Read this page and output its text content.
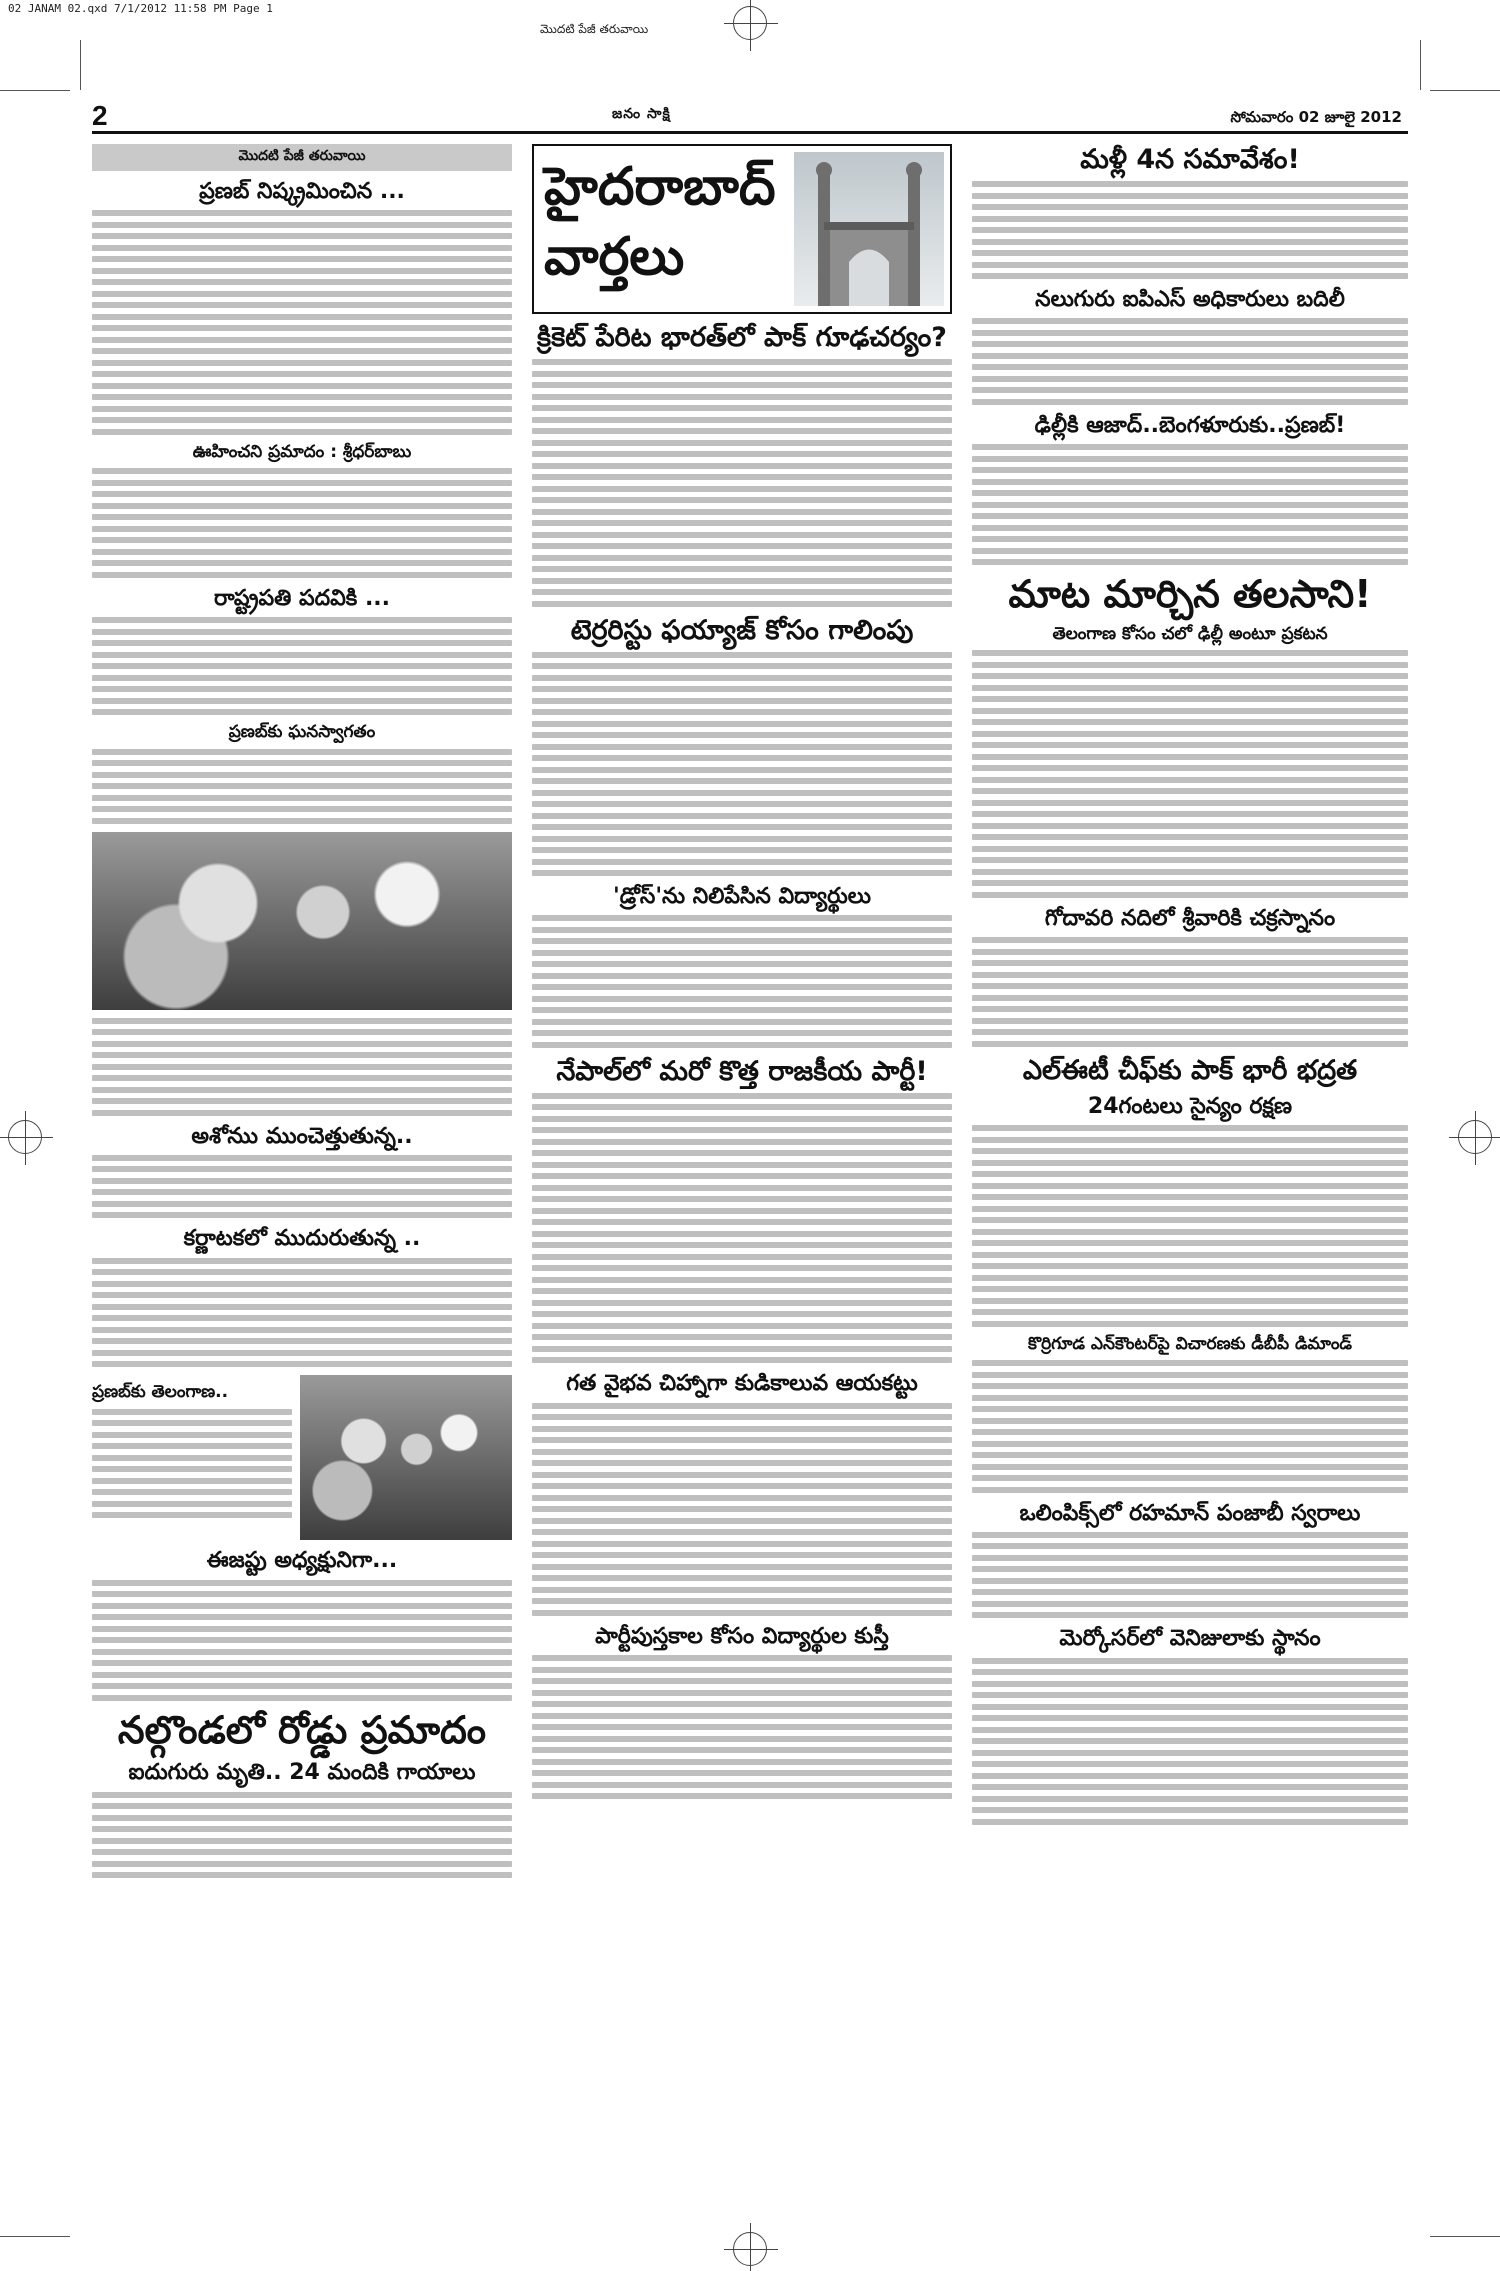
02 JANAM 02.qxd 7/1/2012 11:58 PM Page 1
మొదటి పేజీ తరువాయి
2	జనం సాక్షి	సోమవారం 02 జూలై 2012
మొదటి పేజీ తరువాయి
ప్రణబ్ నిష్క్రమించిన ...
ఊహించని ప్రమాదం : శ్రీధర్‌బాబు
రాష్ట్రపతి పదవికి ...
ప్రణబ్‌కు ఘనస్వాగతం
అశోనుు ముంచెత్తుతున్న..
కర్ణాటకలో ముదురుతున్న ..
ప్రణబ్‌కు తెలంగాణ..
ఈజప్టు అధ్యక్షునిగా...
నల్గొండలో రోడ్డు ప్రమాదం
ఐదుగురు మృతి.. 24 మందికి గాయాలు
హైదరాబాద్
వార్తలు
క్రికెట్ పేరిట భారత్‌లో పాక్ గూఢచర్యం?
టెర్రరిస్టు ఫయ్యాజ్ కోసం గాలింపు
'డ్రోస్'ను నిలిపేసిన విద్యార్థులు
నేపాల్‌లో మరో కొత్త రాజకీయ పార్టీ!
గత వైభవ చిహ్నాగా కుడికాలువ ఆయకట్టు
పార్టీపుస్తకాల కోసం విద్యార్థుల కుస్తీ
మళ్లీ 4న సమావేశం!
నలుగురు ఐపిఎస్ అధికారులు బదిలీ
ఢిల్లీకి ఆజాద్..బెంగళూరుకు..ప్రణబ్!
మాట మార్చిన తలసాని!
తెలంగాణ కోసం చలో ఢిల్లీ అంటూ ప్రకటన
గోదావరి నదిలో శ్రీవారికి చక్రస్నానం
ఎల్‌ఈటీ చీఫ్‌కు పాక్ భారీ భద్రత
24గంటలు సైన్యం రక్షణ
కొర్రిగూడ ఎన్‌కౌంటర్‌పై విచారణకు డీబీపీ డిమాండ్
ఒలింపిక్స్‌లో రహమాన్ పంజాబీ స్వరాలు
మెర్కోసర్‌లో వెనిజులాకు స్థానం
